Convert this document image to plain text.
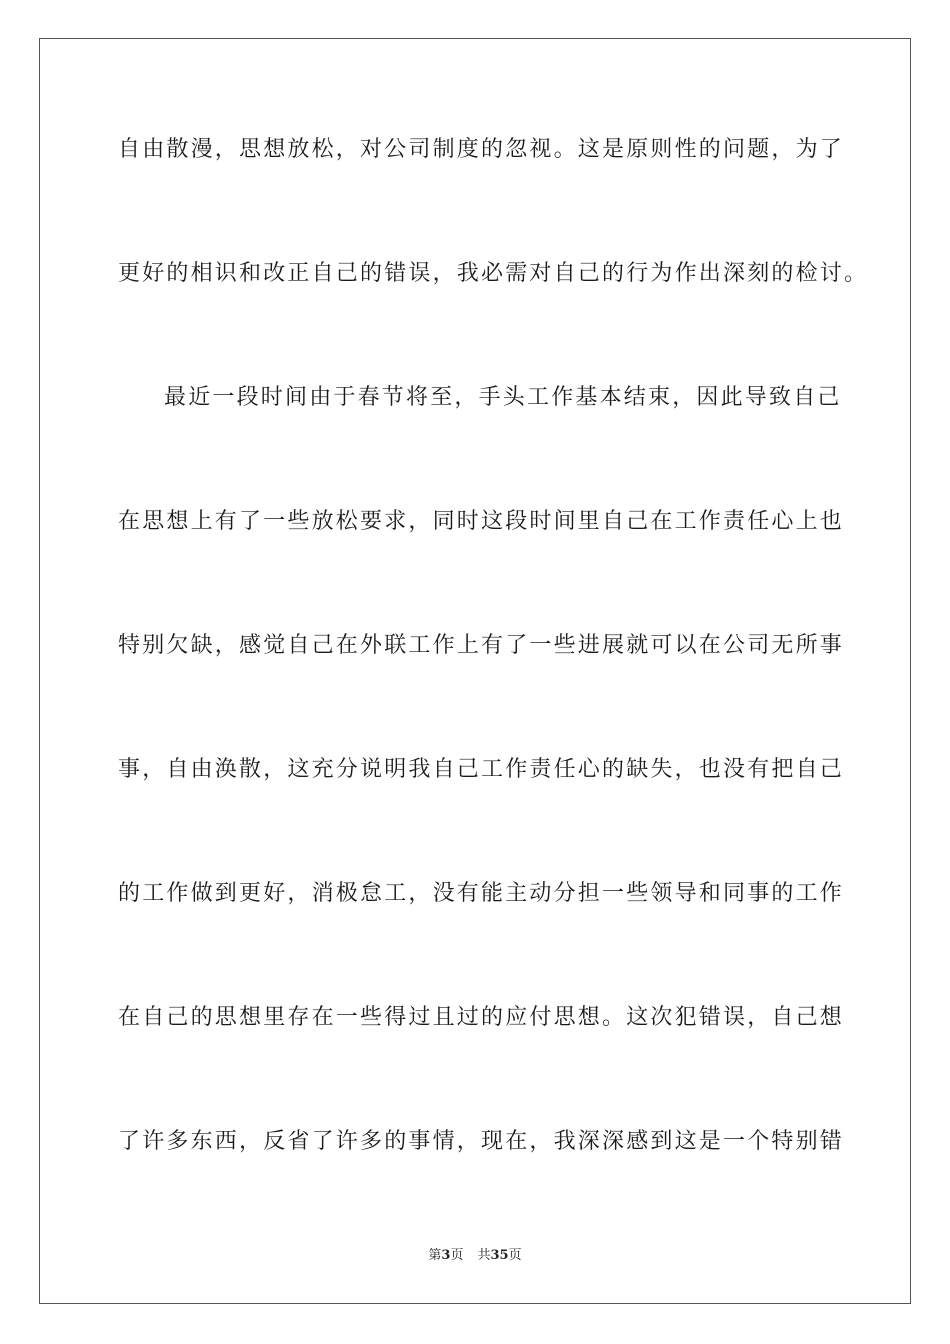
自由散漫，思想放松，对公司制度的忽视。这是原则性的问题，为了
更好的相识和改正自己的错误，我必需对自己的行为作出深刻的检讨。
最近一段时间由于春节将至，手头工作基本结束，因此导致自己
在思想上有了一些放松要求，同时这段时间里自己在工作责任心上也
特别欠缺，感觉自己在外联工作上有了一些进展就可以在公司无所事
事，自由涣散，这充分说明我自己工作责任心的缺失，也没有把自己
的工作做到更好，消极怠工，没有能主动分担一些领导和同事的工作
在自己的思想里存在一些得过且过的应付思想。这次犯错误，自己想
了许多东西，反省了许多的事情，现在，我深深感到这是一个特别错
第3页 共35页
